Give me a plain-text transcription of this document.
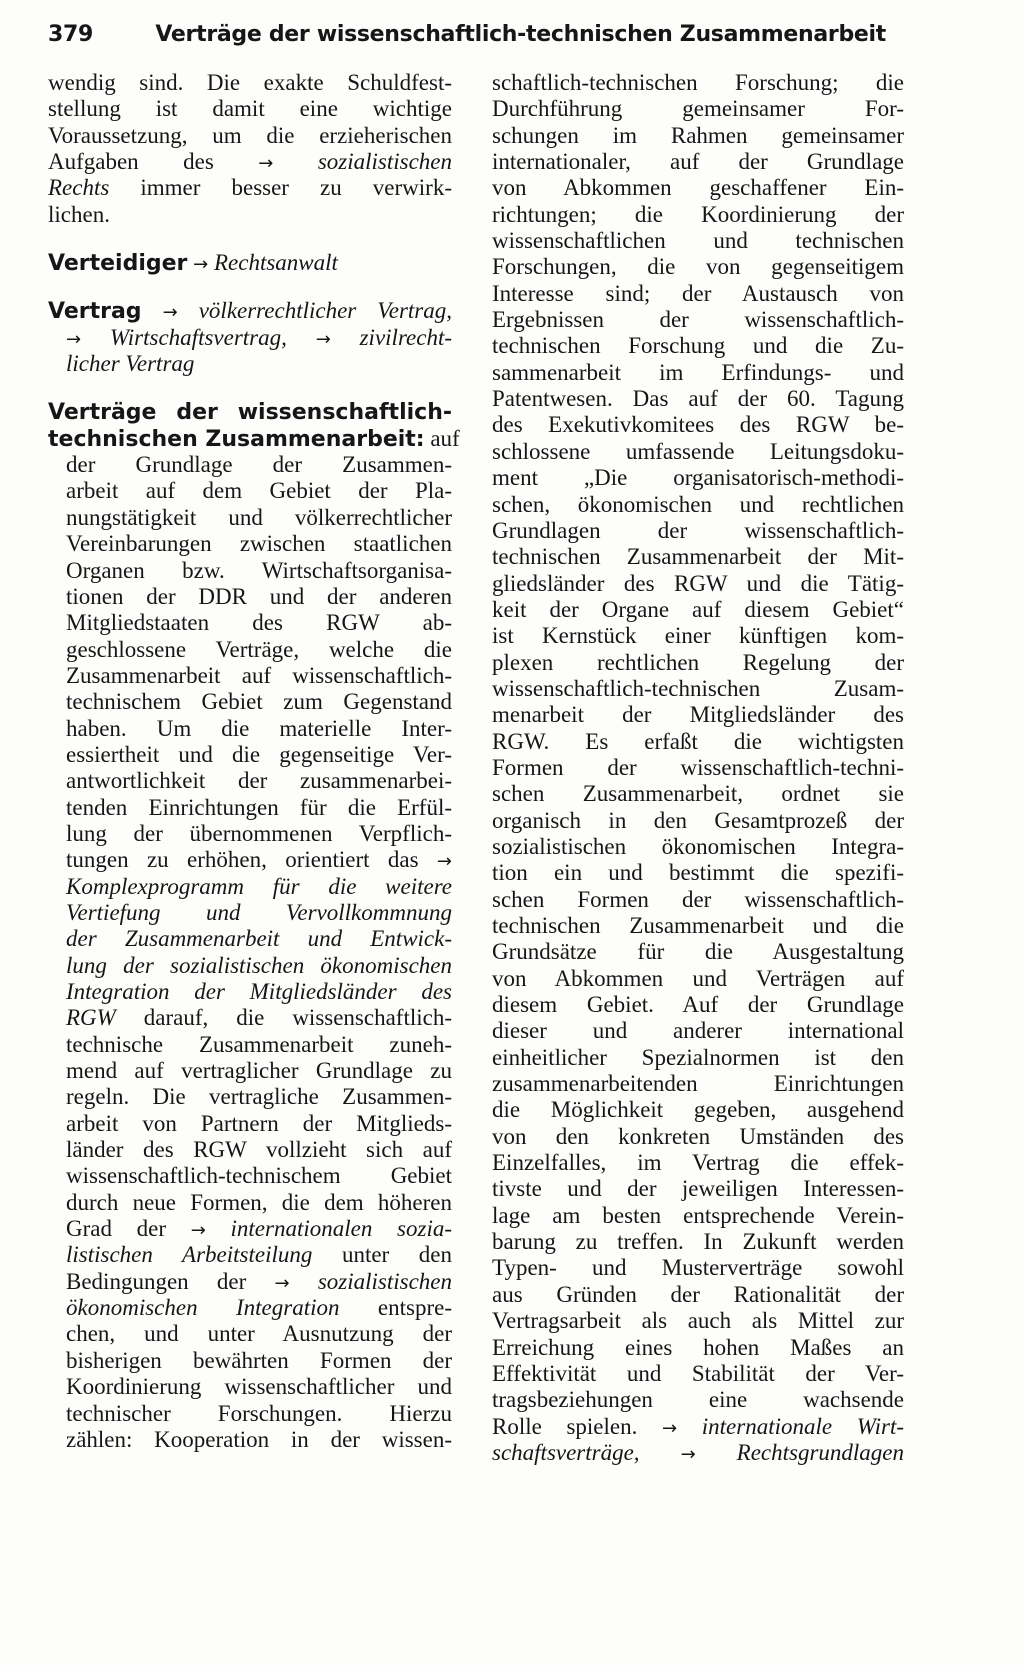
379	Verträge der wissenschaftlich-technischen Zusammenarbeit
wendig sind. Die exakte Schuldfest-
stellung ist damit eine wichtige
Voraussetzung, um die erzieherischen
Aufgaben des → sozialistischen
Rechts immer besser zu verwirk-
lichen.
Verteidiger → Rechtsanwalt
Vertrag → völkerrechtlicher Vertrag,
→ Wirtschaftsvertrag, → zivilrecht-
licher Vertrag
Verträge der wissenschaftlich-
technischen Zusammenarbeit: auf
der Grundlage der Zusammen-
arbeit auf dem Gebiet der Pla-
nungstätigkeit und völkerrechtlicher
Vereinbarungen zwischen staatlichen
Organen bzw. Wirtschaftsorganisa-
tionen der DDR und der anderen
Mitgliedstaaten des RGW ab-
geschlossene Verträge, welche die
Zusammenarbeit auf wissenschaftlich-
technischem Gebiet zum Gegenstand
haben. Um die materielle Inter-
essiertheit und die gegenseitige Ver-
antwortlichkeit der zusammenarbei-
tenden Einrichtungen für die Erfül-
lung der übernommenen Verpflich-
tungen zu erhöhen, orientiert das →
Komplexprogramm für die weitere
Vertiefung und Vervollkommnung
der Zusammenarbeit und Entwick-
lung der sozialistischen ökonomischen
Integration der Mitgliedsländer des
RGW darauf, die wissenschaftlich-
technische Zusammenarbeit zuneh-
mend auf vertraglicher Grundlage zu
regeln. Die vertragliche Zusammen-
arbeit von Partnern der Mitglieds-
länder des RGW vollzieht sich auf
wissenschaftlich-technischem Gebiet
durch neue Formen, die dem höheren
Grad der → internationalen sozia-
listischen Arbeitsteilung unter den
Bedingungen der → sozialistischen
ökonomischen Integration entspre-
chen, und unter Ausnutzung der
bisherigen bewährten Formen der
Koordinierung wissenschaftlicher und
technischer Forschungen. Hierzu
zählen: Kooperation in der wissen-
schaftlich-technischen Forschung; die
Durchführung gemeinsamer For-
schungen im Rahmen gemeinsamer
internationaler, auf der Grundlage
von Abkommen geschaffener Ein-
richtungen; die Koordinierung der
wissenschaftlichen und technischen
Forschungen, die von gegenseitigem
Interesse sind; der Austausch von
Ergebnissen der wissenschaftlich-
technischen Forschung und die Zu-
sammenarbeit im Erfindungs- und
Patentwesen. Das auf der 60. Tagung
des Exekutivkomitees des RGW be-
schlossene umfassende Leitungsdoku-
ment „Die organisatorisch-methodi-
schen, ökonomischen und rechtlichen
Grundlagen der wissenschaftlich-
technischen Zusammenarbeit der Mit-
gliedsländer des RGW und die Tätig-
keit der Organe auf diesem Gebiet“
ist Kernstück einer künftigen kom-
plexen rechtlichen Regelung der
wissenschaftlich-technischen Zusam-
menarbeit der Mitgliedsländer des
RGW. Es erfaßt die wichtigsten
Formen der wissenschaftlich-techni-
schen Zusammenarbeit, ordnet sie
organisch in den Gesamtprozeß der
sozialistischen ökonomischen Integra-
tion ein und bestimmt die spezifi-
schen Formen der wissenschaftlich-
technischen Zusammenarbeit und die
Grundsätze für die Ausgestaltung
von Abkommen und Verträgen auf
diesem Gebiet. Auf der Grundlage
dieser und anderer international
einheitlicher Spezialnormen ist den
zusammenarbeitenden Einrichtungen
die Möglichkeit gegeben, ausgehend
von den konkreten Umständen des
Einzelfalles, im Vertrag die effek-
tivste und der jeweiligen Interessen-
lage am besten entsprechende Verein-
barung zu treffen. In Zukunft werden
Typen- und Musterverträge sowohl
aus Gründen der Rationalität der
Vertragsarbeit als auch als Mittel zur
Erreichung eines hohen Maßes an
Effektivität und Stabilität der Ver-
tragsbeziehungen eine wachsende
Rolle spielen. → internationale Wirt-
schaftsverträge, → Rechtsgrundlagen
